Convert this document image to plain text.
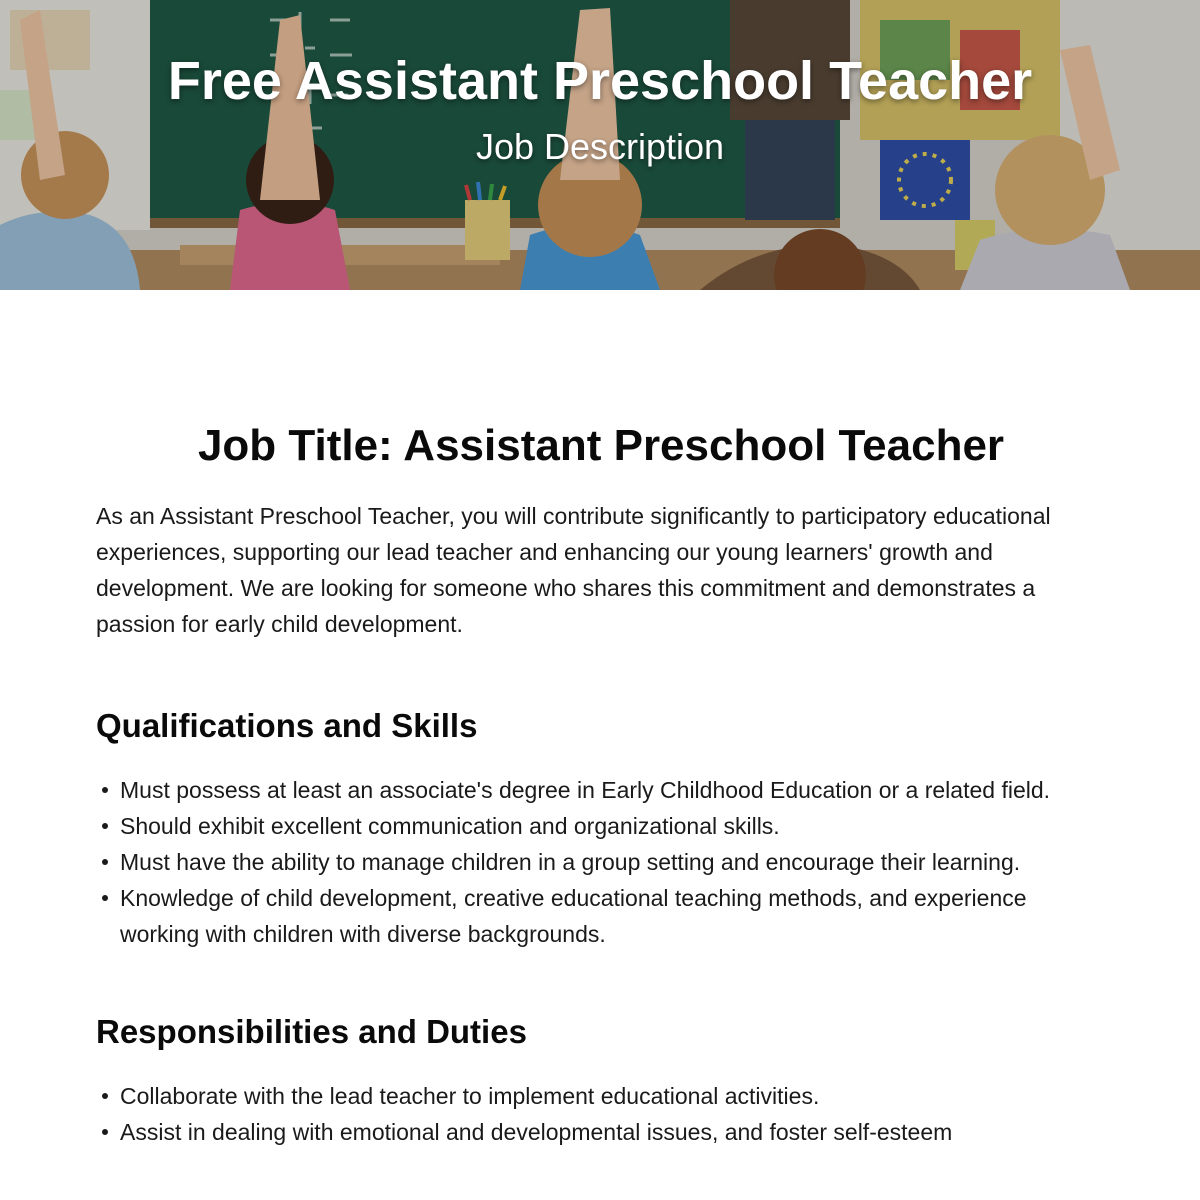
Free Assistant Preschool Teacher

Job Description

Job Title: Assistant Preschool Teacher

As an Assistant Preschool Teacher, you will contribute significantly to participatory educational experiences, supporting our lead teacher and enhancing our young learners' growth and development. We are looking for someone who shares this commitment and demonstrates a passion for early child development.

Qualifications and Skills
Must possess at least an associate's degree in Early Childhood Education or a related field.
Should exhibit excellent communication and organizational skills.
Must have the ability to manage children in a group setting and encourage their learning.
Knowledge of child development, creative educational teaching methods, and experience working with children with diverse backgrounds.
Responsibilities and Duties
Collaborate with the lead teacher to implement educational activities.
Assist in dealing with emotional and developmental issues, and foster self-esteem
